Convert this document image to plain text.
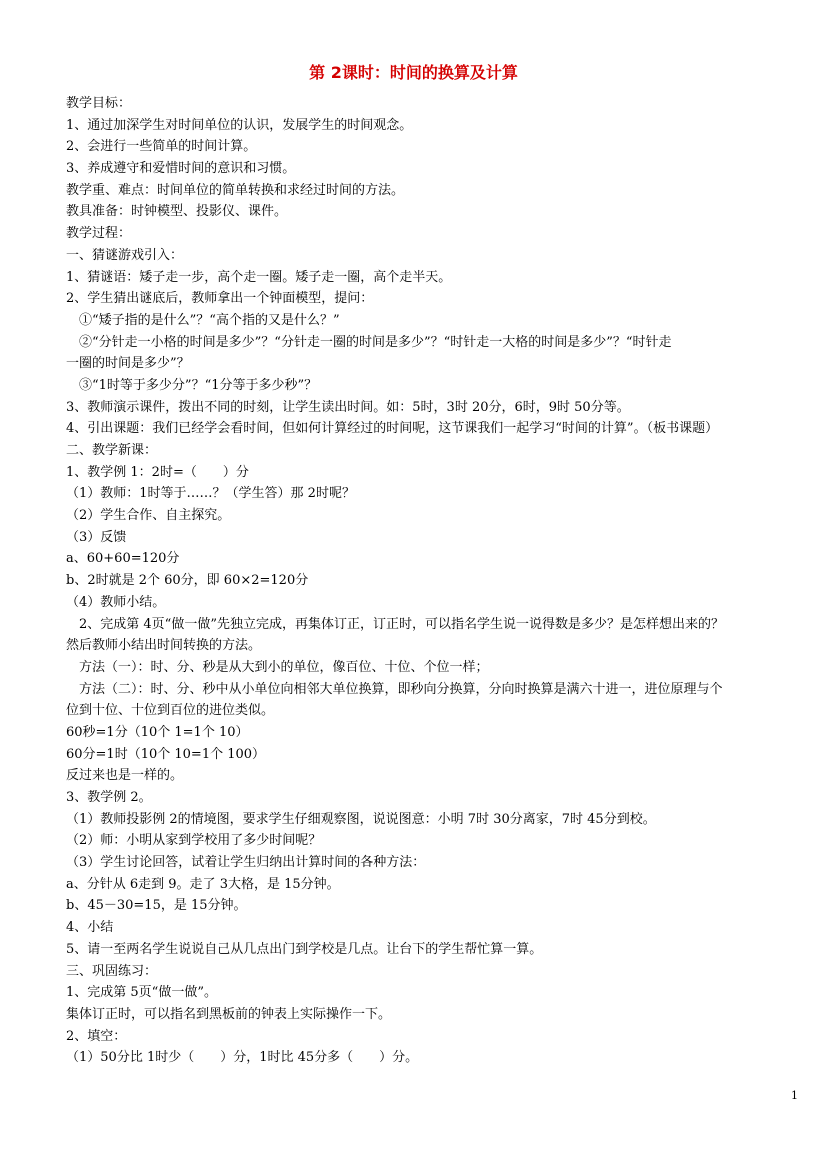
第 2课时：时间的换算及计算
教学目标：
1、通过加深学生对时间单位的认识，发展学生的时间观念。
2、会进行一些简单的时间计算。
3、养成遵守和爱惜时间的意识和习惯。
教学重、难点：时间单位的简单转换和求经过时间的方法。
教具准备：时钟模型、投影仪、课件。
教学过程：
一、猜谜游戏引入：
1、猜谜语：矮子走一步，高个走一圈。矮子走一圈，高个走半天。
2、学生猜出谜底后，教师拿出一个钟面模型，提问：
①“矮子指的是什么”？“高个指的又是什么？”
②“分针走一小格的时间是多少”？“分针走一圈的时间是多少”？“时针走一大格的时间是多少”？“时针走
一圈的时间是多少”？
③“1时等于多少分”？“1分等于多少秒”？
3、教师演示课件，拨出不同的时刻，让学生读出时间。如：5时，3时 20分，6时，9时 50分等。
4、引出课题：我们已经学会看时间，但如何计算经过的时间呢，这节课我们一起学习“时间的计算”。（板书课题）
二、教学新课：
1、教学例 1：2时=（　　）分
（1）教师：1时等于……？（学生答）那 2时呢？
（2）学生合作、自主探究。
（3）反馈
a、60+60=120分
b、2时就是 2个 60分，即 60×2=120分
（4）教师小结。
2、完成第 4页“做一做”先独立完成，再集体订正，订正时，可以指名学生说一说得数是多少？是怎样想出来的？
然后教师小结出时间转换的方法。
方法（一）：时、分、秒是从大到小的单位，像百位、十位、个位一样；
方法（二）：时、分、秒中从小单位向相邻大单位换算，即秒向分换算，分向时换算是满六十进一，进位原理与个
位到十位、十位到百位的进位类似。
60秒=1分（10个 1=1个 10）
60分=1时（10个 10=1个 100）
反过来也是一样的。
3、教学例 2。
（1）教师投影例 2的情境图，要求学生仔细观察图，说说图意：小明 7时 30分离家，7时 45分到校。
（2）师：小明从家到学校用了多少时间呢？
（3）学生讨论回答，试着让学生归纳出计算时间的各种方法：
a、分针从 6走到 9。走了 3大格，是 15分钟。
b、45－30=15，是 15分钟。
4、小结
5、请一至两名学生说说自己从几点出门到学校是几点。让台下的学生帮忙算一算。
三、巩固练习：
1、完成第 5页“做一做”。
集体订正时，可以指名到黑板前的钟表上实际操作一下。
2、填空：
（1）50分比 1时少（　　）分，1时比 45分多（　　）分。
1
